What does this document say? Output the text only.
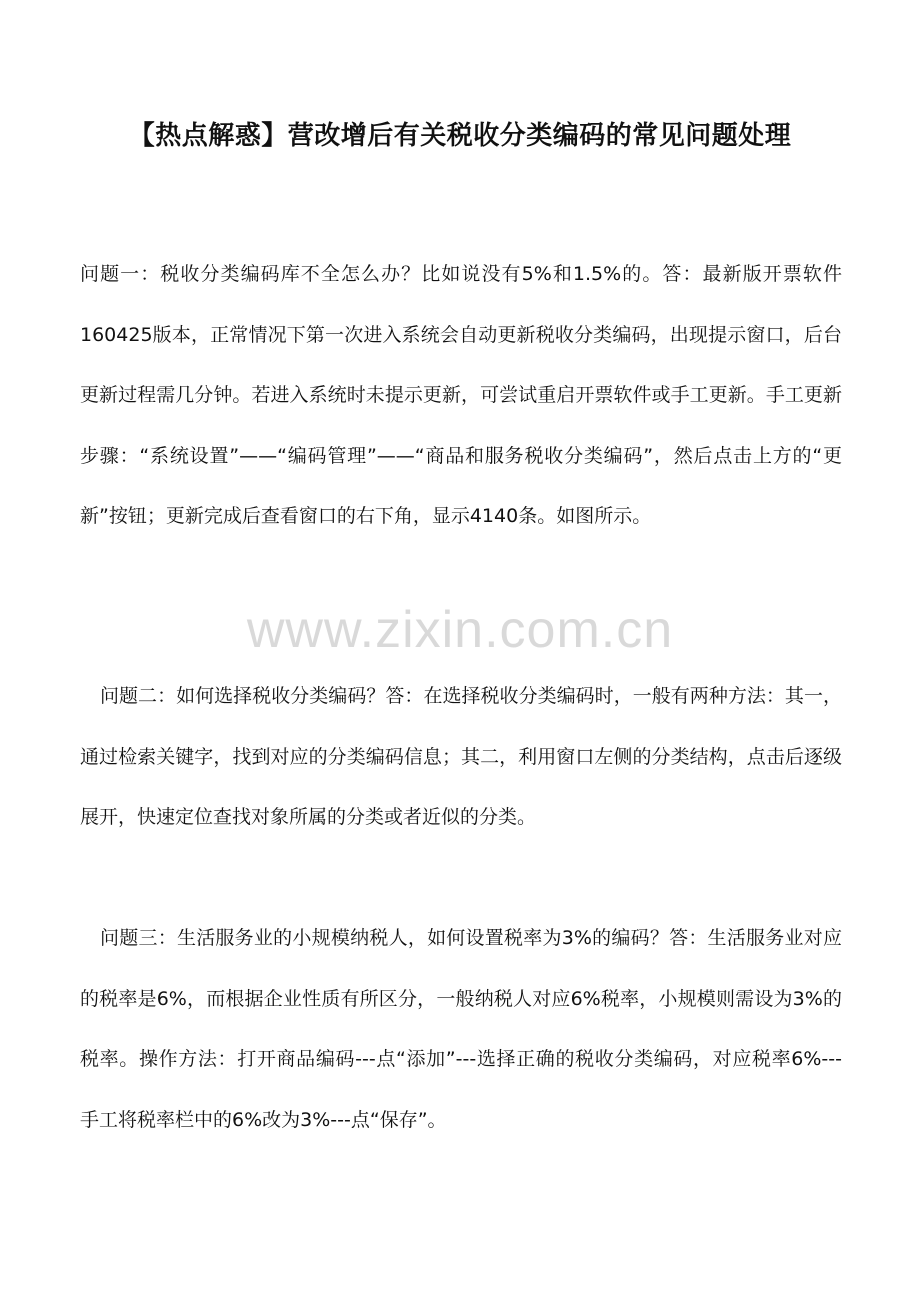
【热点解惑】营改增后有关税收分类编码的常见问题处理

问题一：税收分类编码库不全怎么办？比如说没有5%和1.5%的。答：最新版开票软件160425版本，正常情况下第一次进入系统会自动更新税收分类编码，出现提示窗口，后台更新过程需几分钟。若进入系统时未提示更新，可尝试重启开票软件或手工更新。手工更新步骤：“系统设置”——“编码管理”——“商品和服务税收分类编码”，然后点击上方的“更新”按钮；更新完成后查看窗口的右下角，显示4140条。如图所示。

www.zixin.com.cn

问题二：如何选择税收分类编码？答：在选择税收分类编码时，一般有两种方法：其一，通过检索关键字，找到对应的分类编码信息；其二，利用窗口左侧的分类结构，点击后逐级展开，快速定位查找对象所属的分类或者近似的分类。

问题三：生活服务业的小规模纳税人，如何设置税率为3%的编码？答：生活服务业对应的税率是6%，而根据企业性质有所区分，一般纳税人对应6%税率，小规模则需设为3%的税率。操作方法：打开商品编码---点“添加”---选择正确的税收分类编码，对应税率6%--- 手工将税率栏中的6%改为3%---点“保存”。
